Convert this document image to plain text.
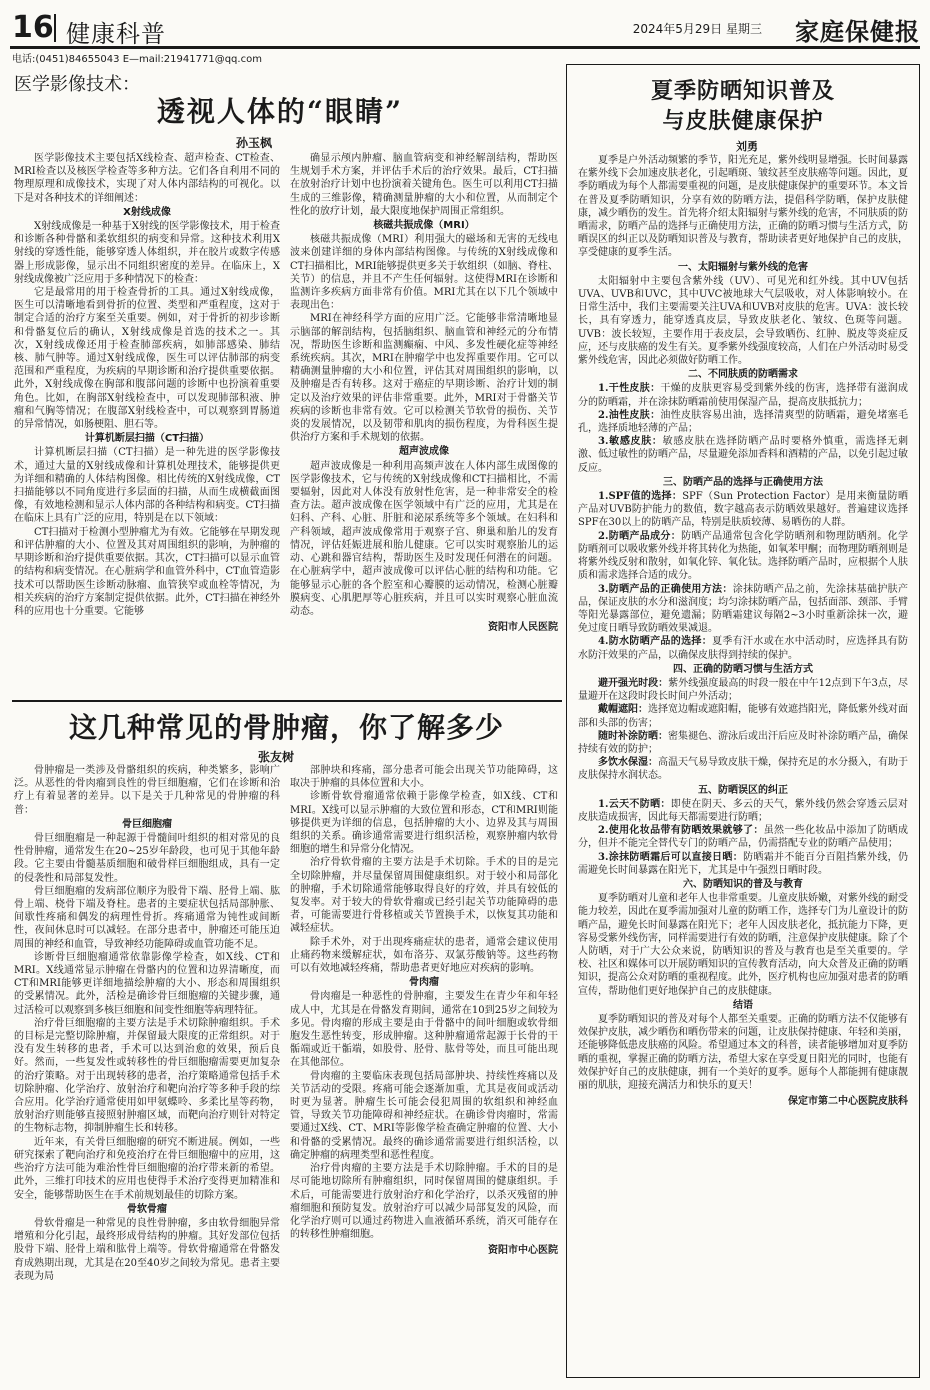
16 健康科普	2024年5月29日 星期三 家庭保健报
电话:(0451)84655043 E—mail:21941771@qq.com
医学影像技术：
透视人体的“眼睛”
孙玉枫

医学影像技术主要包括X线检查、超声检查、CT检查、MRI检查以及核医学检查等多种方法。它们各自利用不同的物理原理和成像技术，实现了对人体内部结构的可视化。以下是对各种技术的详细阐述：

X射线成像

X射线成像是一种基于X射线的医学影像技术，用于检查和诊断各种骨骼和柔软组织的病变和异常。这种技术利用X射线的穿透性能，能够穿透人体组织，并在胶片或数字传感器上形成影像，显示出不同组织密度的差异。在临床上，X射线成像被广泛应用于多种情况下的检查：

它是最常用的用于检查骨折的工具。通过X射线成像，医生可以清晰地看到骨折的位置、类型和严重程度，这对于制定合适的治疗方案至关重要。例如，对于骨折的初步诊断和骨骼复位后的确认，X射线成像是首选的技术之一。其次，X射线成像还用于检查肺部疾病，如肺部感染、肺结核、肺气肿等。通过X射线成像，医生可以评估肺部的病变范围和严重程度，为疾病的早期诊断和治疗提供重要依据。此外，X射线成像在胸部和腹部问题的诊断中也扮演着重要角色。比如，在胸部X射线检查中，可以发现肺部积液、肿瘤和气胸等情况；在腹部X射线检查中，可以观察到胃肠道的异常情况，如肠梗阻、胆石等。

计算机断层扫描（CT扫描）

计算机断层扫描（CT扫描）是一种先进的医学影像技术，通过大量的X射线成像和计算机处理技术，能够提供更为详细和精确的人体结构图像。相比传统的X射线成像，CT扫描能够以不同角度进行多层面的扫描，从而生成横截面图像，有效地检测和显示人体内部的各种结构和病变。CT扫描在临床上具有广泛的应用，特别是在以下领域：

CT扫描对于检测小型肿瘤尤为有效。它能够在早期发现和评估肿瘤的大小、位置及其对周围组织的影响，为肿瘤的早期诊断和治疗提供重要依据。其次，CT扫描可以显示血管的结构和病变情况。在心脏病学和血管外科中，CT血管造影技术可以帮助医生诊断动脉瘤、血管狭窄或血栓等情况，为相关疾病的治疗方案制定提供依据。此外，CT扫描在神经外科的应用也十分重要。它能够

确显示颅内肿瘤、脑血管病变和神经解剖结构，帮助医生规划手术方案，并评估手术后的治疗效果。最后，CT扫描在放射治疗计划中也扮演着关键角色。医生可以利用CT扫描生成的三维影像，精确测量肿瘤的大小和位置，从而制定个性化的放疗计划，最大限度地保护周围正常组织。

核磁共振成像（MRI）

核磁共振成像（MRI）利用强大的磁场和无害的无线电波来创建详细的身体内部结构图像。与传统的X射线成像和CT扫描相比，MRI能够提供更多关于软组织（如脑、脊柱、关节）的信息，并且不产生任何辐射。这使得MRI在诊断和监测许多疾病方面非常有价值。MRI尤其在以下几个领域中表现出色：

MRI在神经科学方面的应用广泛。它能够非常清晰地显示脑部的解剖结构，包括脑组织、脑血管和神经元的分布情况，帮助医生诊断和监测癫痫、中风、多发性硬化症等神经系统疾病。其次，MRI在肿瘤学中也发挥重要作用。它可以精确测量肿瘤的大小和位置，评估其对周围组织的影响，以及肿瘤是否有转移。这对于癌症的早期诊断、治疗计划的制定以及治疗效果的评估非常重要。此外，MRI对于骨骼关节疾病的诊断也非常有效。它可以检测关节软骨的损伤、关节炎的发展情况，以及韧带和肌肉的损伤程度，为骨科医生提供治疗方案和手术规划的依据。

超声波成像

超声波成像是一种利用高频声波在人体内部生成图像的医学影像技术，它与传统的X射线成像和CT扫描相比，不需要辐射，因此对人体没有放射性危害，是一种非常安全的检查方法。超声波成像在医学领域中有广泛的应用，尤其是在妇科、产科、心脏、肝脏和泌尿系统等多个领域。在妇科和产科领域，超声波成像常用于观察子宫、卵巢和胎儿的发育情况，评估妊娠进展和胎儿健康。它可以实时观察胎儿的运动、心跳和器官结构，帮助医生及时发现任何潜在的问题。在心脏病学中，超声波成像可以评估心脏的结构和功能。它能够显示心脏的各个腔室和心瓣膜的运动情况，检测心脏瓣膜病变、心肌肥厚等心脏疾病，并且可以实时观察心脏血流动态。

资阳市人民医院

这几种常见的骨肿瘤，你了解多少
张友树

骨肿瘤是一类涉及骨骼组织的疾病，种类繁多，影响广泛。从恶性的骨肉瘤到良性的骨巨细胞瘤，它们在诊断和治疗上有着显著的差异。以下是关于几种常见的骨肿瘤的科普：

骨巨细胞瘤

骨巨细胞瘤是一种起源于骨髓间叶组织的相对常见的良性骨肿瘤，通常发生在20~25岁年龄段，也可见于其他年龄段。它主要由骨髓基质细胞和破骨样巨细胞组成，具有一定的侵袭性和局部复发性。

骨巨细胞瘤的发病部位顺序为股骨下端、胫骨上端、肱骨上端、桡骨下端及脊柱。患者的主要症状包括局部肿胀、间歇性疼痛和偶发的病理性骨折。疼痛通常为钝性或间断性，夜间休息时可以减轻。在部分患者中，肿瘤还可能压迫周围的神经和血管，导致神经功能障碍或血管功能不足。

诊断骨巨细胞瘤通常依靠影像学检查，如X线、CT和MRI。X线通常显示肿瘤在骨骼内的位置和边界清晰度，而CT和MRI能够更详细地描绘肿瘤的大小、形态和周围组织的受累情况。此外，活检是确诊骨巨细胞瘤的关键步骤，通过活检可以观察到多核巨细胞和间变性细胞等病理特征。

治疗骨巨细胞瘤的主要方法是手术切除肿瘤组织。手术的目标是完整切除肿瘤，并保留最大限度的正常组织。对于没有发生转移的患者，手术可以达到治愈的效果，预后良好。然而，一些复发性或转移性的骨巨细胞瘤需要更加复杂的治疗策略。对于出现转移的患者，治疗策略通常包括手术切除肿瘤、化学治疗、放射治疗和靶向治疗等多种手段的综合应用。化学治疗通常使用如甲氨蝶呤、多柔比星等药物，放射治疗则能够直接照射肿瘤区域，而靶向治疗则针对特定的生物标志物，抑制肿瘤生长和转移。

近年来，有关骨巨细胞瘤的研究不断进展。例如，一些研究探索了靶向治疗和免疫治疗在骨巨细胞瘤中的应用，这些治疗方法可能为难治性骨巨细胞瘤的治疗带来新的希望。此外，三维打印技术的应用也使得手术治疗变得更加精准和安全，能够帮助医生在手术前规划最佳的切除方案。

骨软骨瘤

骨软骨瘤是一种常见的良性骨肿瘤，多由软骨细胞异常增殖和分化引起，最终形成骨结构的肿瘤。其好发部位包括股骨下端、胫骨上端和肱骨上端等。骨软骨瘤通常在骨骼发育成熟期出现，尤其是在20至40岁之间较为常见。患者主要表现为局

部肿块和疼痛，部分患者可能会出现关节功能障碍，这取决于肿瘤的具体位置和大小。

诊断骨软骨瘤通常依赖于影像学检查，如X线、CT和MRI。X线可以显示肿瘤的大致位置和形态，CT和MRI则能够提供更为详细的信息，包括肿瘤的大小、边界及其与周围组织的关系。确诊通常需要进行组织活检，观察肿瘤内软骨细胞的增生和异常分化情况。

治疗骨软骨瘤的主要方法是手术切除。手术的目的是完全切除肿瘤，并尽量保留周围健康组织。对于较小和局部化的肿瘤，手术切除通常能够取得良好的疗效，并具有较低的复发率。对于较大的骨软骨瘤或已经引起关节功能障碍的患者，可能需要进行骨移植或关节置换手术，以恢复其功能和减轻症状。

除手术外，对于出现疼痛症状的患者，通常会建议使用止痛药物来缓解症状，如布洛芬、双氯芬酸钠等。这些药物可以有效地减轻疼痛，帮助患者更好地应对疾病的影响。

骨肉瘤

骨肉瘤是一种恶性的骨肿瘤，主要发生在青少年和年轻成人中，尤其是在骨骼发育期间，通常在10到25岁之间较为多见。骨肉瘤的形成主要是由于骨骼中的间叶细胞或软骨细胞发生恶性转变，形成肿瘤。这种肿瘤通常起源于长骨的干骺端或近干骺端，如股骨、胫骨、肱骨等处，而且可能出现在其他部位。

骨肉瘤的主要临床表现包括局部肿块、持续性疼痛以及关节活动的受限。疼痛可能会逐渐加重，尤其是夜间或活动时更为显著。肿瘤生长可能会侵犯周围的软组织和神经血管，导致关节功能障碍和神经症状。在确诊骨肉瘤时，常需要通过X线、CT、MRI等影像学检查确定肿瘤的位置、大小和骨骼的受累情况。最终的确诊通常需要进行组织活检，以确定肿瘤的病理类型和恶性程度。

治疗骨肉瘤的主要方法是手术切除肿瘤。手术的目的是尽可能地切除所有肿瘤组织，同时保留周围的健康组织。手术后，可能需要进行放射治疗和化学治疗，以杀灭残留的肿瘤细胞和预防复发。放射治疗可以减少局部复发的风险，而化学治疗则可以通过药物进入血液循环系统，消灭可能存在的转移性肿瘤细胞。

资阳市中心医院

夏季防晒知识普及
与皮肤健康保护
刘勇

夏季是户外活动频繁的季节，阳光充足，紫外线明显增强。长时间暴露在紫外线下会加速皮肤老化，引起晒斑、皱纹甚至皮肤癌等问题。因此，夏季防晒成为每个人都需要重视的问题，是皮肤健康保护的重要环节。本文旨在普及夏季防晒知识，分享有效的防晒方法，提倡科学防晒，保护皮肤健康，减少晒伤的发生。首先将介绍太阳辐射与紫外线的危害，不同肤质的防晒需求，防晒产品的选择与正确使用方法，正确的防晒习惯与生活方式，防晒误区的纠正以及防晒知识普及与教育，帮助读者更好地保护自己的皮肤，享受健康的夏季生活。

一、太阳辐射与紫外线的危害

太阳辐射中主要包含紫外线（UV）、可见光和红外线。其中UV包括UVA、UVB和UVC，其中UVC被地球大气层吸收，对人体影响较小。在日常生活中，我们主要需要关注UVA和UVB对皮肤的危害。UVA：波长较长，具有穿透力，能穿透真皮层，导致皮肤老化、皱纹、色斑等问题。UVB：波长较短，主要作用于表皮层，会导致晒伤、红肿、脱皮等炎症反应，还与皮肤癌的发生有关。夏季紫外线强度较高，人们在户外活动时易受紫外线危害，因此必须做好防晒工作。

二、不同肤质的防晒需求

1.干性皮肤：干燥的皮肤更容易受到紫外线的伤害，选择带有滋润成分的防晒霜，并在涂抹防晒霜前使用保湿产品，提高皮肤抵抗力；

2.油性皮肤：油性皮肤容易出油，选择清爽型的防晒霜，避免堵塞毛孔，选择质地轻薄的产品；

3.敏感皮肤：敏感皮肤在选择防晒产品时要格外慎重，需选择无刺激、低过敏性的防晒产品，尽量避免添加香料和酒精的产品，以免引起过敏反应。

三、防晒产品的选择与正确使用方法

1.SPF值的选择：SPF（Sun Protection Factor）是用来衡量防晒产品对UVB防护能力的数值，数字越高表示防晒效果越好。普遍建议选择SPF在30以上的防晒产品，特别是肤质较薄、易晒伤的人群。

2.防晒产品成分：防晒产品通常包含化学防晒剂和物理防晒剂。化学防晒剂可以吸收紫外线并将其转化为热能，如氧苯甲酮；而物理防晒剂则是将紫外线反射和散射，如氧化锌、氧化钛。选择防晒产品时，应根据个人肤质和需求选择合适的成分。

3.防晒产品的正确使用方法：涂抹防晒产品之前，先涂抹基础护肤产品，保证皮肤的水分和滋润度；均匀涂抹防晒产品，包括面部、颈部、手臂等阳光暴露部位，避免遗漏；防晒霜建议每隔2~3小时重新涂抹一次，避免过度日晒导致防晒效果减退。

4.防水防晒产品的选择：夏季有汗水或在水中活动时，应选择具有防水防汗效果的产品，以确保皮肤得到持续的保护。

四、正确的防晒习惯与生活方式

避开强光时段：紫外线强度最高的时段一般在中午12点到下午3点，尽量避开在这段时段长时间户外活动；

戴帽遮阳：选择宽边帽或遮阳帽，能够有效遮挡阳光，降低紫外线对面部和头部的伤害；

随时补涂防晒：密集褪色、游泳后或出汗后应及时补涂防晒产品，确保持续有效的防护；

多饮水保湿：高温天气易导致皮肤干燥，保持充足的水分摄入，有助于皮肤保持水润状态。

五、防晒误区的纠正

1.云天不防晒：即使在阴天、多云的天气，紫外线仍然会穿透云层对皮肤造成损害，因此每天都需要进行防晒；

2.使用化妆品带有防晒效果就够了：虽然一些化妆品中添加了防晒成分，但并不能完全替代专门的防晒产品，仍需搭配专业的防晒产品使用；

3.涂抹防晒霜后可以直接日晒：防晒霜并不能百分百阻挡紫外线，仍需避免长时间暴露在阳光下，尤其是中午强烈日晒时段。

六、防晒知识的普及与教育

夏季防晒对儿童和老年人也非常重要。儿童皮肤娇嫩，对紫外线的耐受能力较差，因此在夏季需加强对儿童的防晒工作，选择专门为儿童设计的防晒产品，避免长时间暴露在阳光下；老年人因皮肤老化，抵抗能力下降，更容易受紫外线伤害，同样需要进行有效的防晒，注意保护皮肤健康。除了个人防晒，对于广大公众来说，防晒知识的普及与教育也是至关重要的。学校、社区和媒体可以开展防晒知识的宣传教育活动，向大众普及正确的防晒知识，提高公众对防晒的重视程度。此外，医疗机构也应加强对患者的防晒宣传，帮助他们更好地保护自己的皮肤健康。

结语

夏季防晒知识的普及对每个人都至关重要。正确的防晒方法不仅能够有效保护皮肤，减少晒伤和晒伤带来的问题，让皮肤保持健康、年轻和美丽，还能够降低患皮肤癌的风险。希望通过本文的科普，读者能够增加对夏季防晒的重视，掌握正确的防晒方法，希望大家在享受夏日阳光的同时，也能有效保护好自己的皮肤健康，拥有一个美好的夏季。愿每个人都能拥有健康靓丽的肌肤，迎接充满活力和快乐的夏天！

保定市第二中心医院皮肤科
